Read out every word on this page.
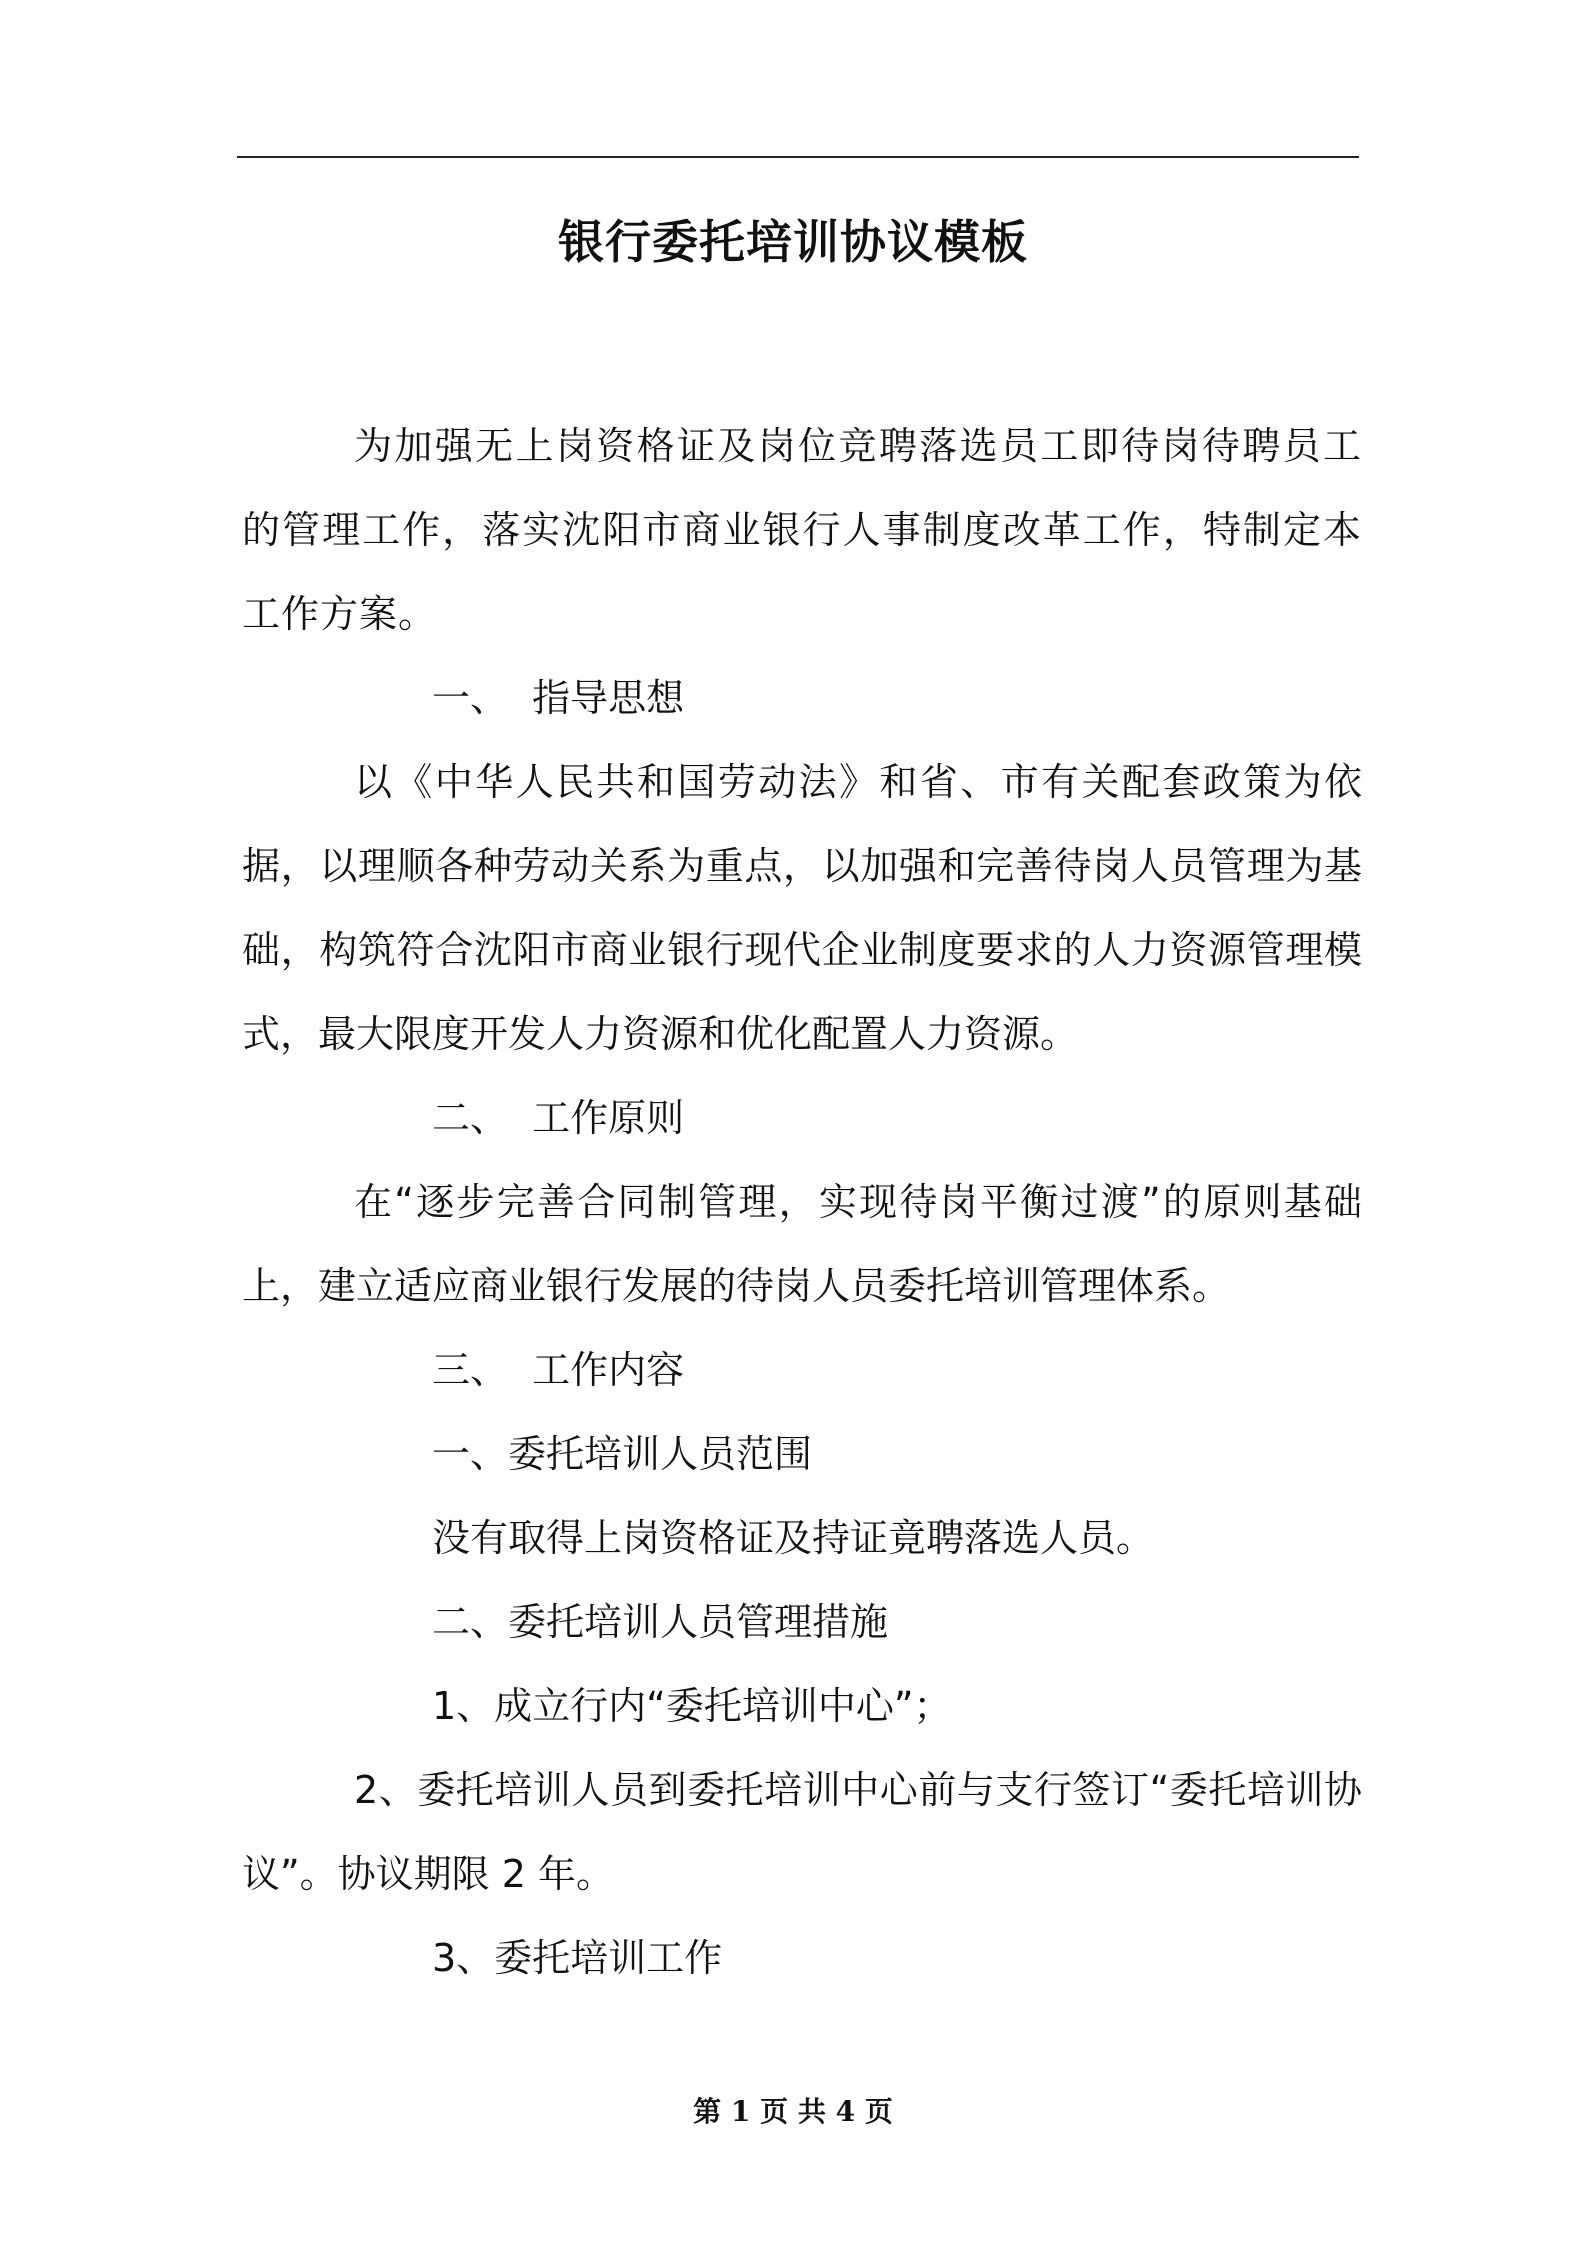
银行委托培训协议模板

为加强无上岗资格证及岗位竞聘落选员工即待岗待聘员工的管理工作，落实沈阳市商业银行人事制度改革工作，特制定本工作方案。

一、  指导思想

以《中华人民共和国劳动法》和省、市有关配套政策为依据，以理顺各种劳动关系为重点，以加强和完善待岗人员管理为基础，构筑符合沈阳市商业银行现代企业制度要求的人力资源管理模式，最大限度开发人力资源和优化配置人力资源。

二、  工作原则

在“逐步完善合同制管理，实现待岗平衡过渡”的原则基础上，建立适应商业银行发展的待岗人员委托培训管理体系。

三、  工作内容

一、委托培训人员范围

没有取得上岗资格证及持证竟聘落选人员。

二、委托培训人员管理措施

1、成立行内“委托培训中心”；

2、委托培训人员到委托培训中心前与支行签订“委托培训协议”。协议期限 2 年。

3、委托培训工作

第 1 页 共 4 页
